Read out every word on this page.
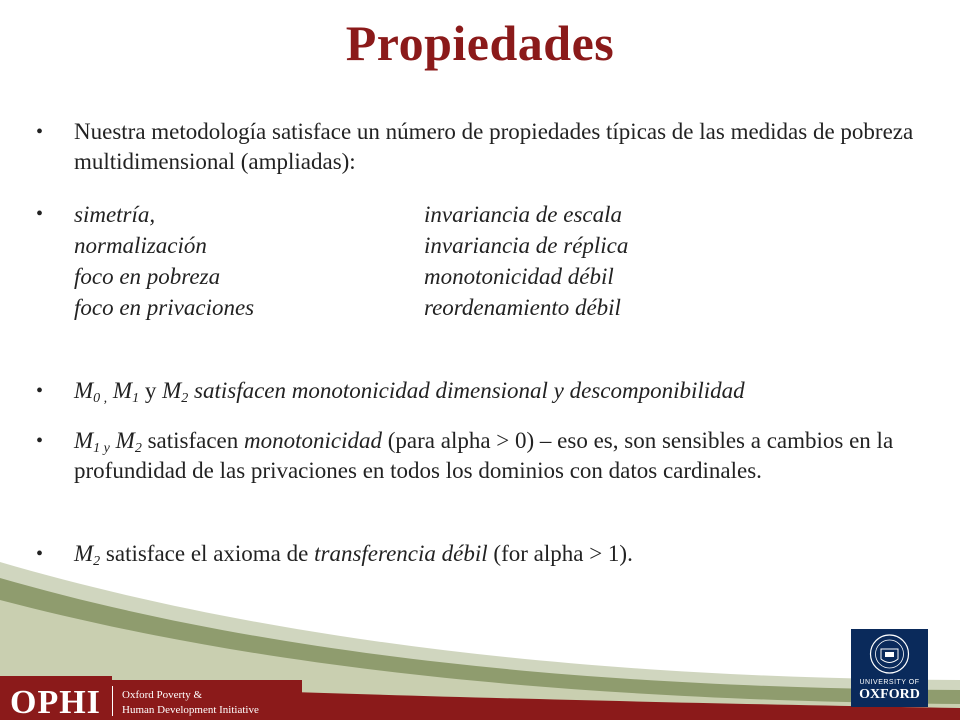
Propiedades
•	Nuestra metodología satisface un número de propiedades típicas de las medidas de pobreza multidimensional (ampliadas):
•	simetría,	invariancia de escala
normalización	invariancia de réplica
foco en pobreza	monotonicidad débil
foco en privaciones	reordenamiento débil
•	$M_{0 ,}$ $M_1$ y $M_2$ satisfacen monotonicidad dimensional y descomponibilidad
•	$M_{1 y}$ $M_2$ satisfacen monotonicidad (para alpha > 0) – eso es, son sensibles a cambios en la profundidad de las privaciones en todos los dominios con datos cardinales.
•	$M_2$ satisface el axioma de transferencia débil (for alpha > 1).
OPHI Oxford Poverty &
Human Development Initiative
UNIVERSITY OF
OXFORD
